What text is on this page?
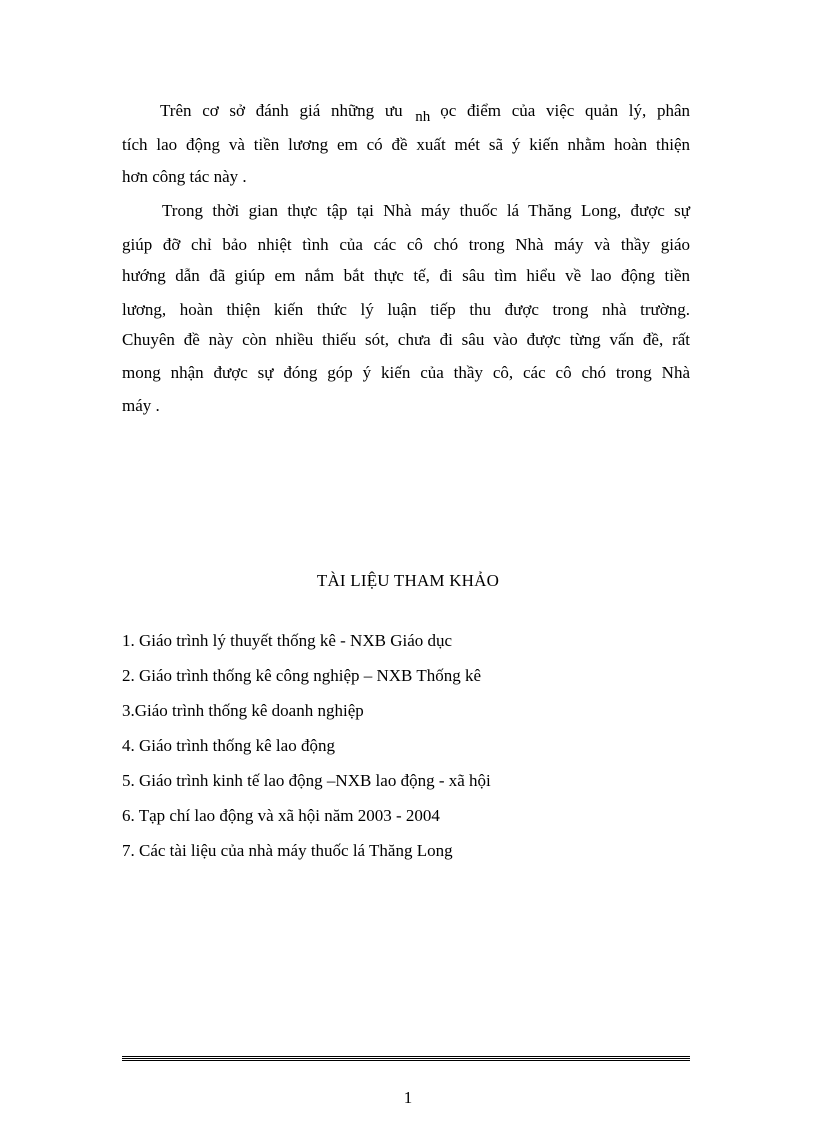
Trên cơ sở đánh giá những ưu nh ọc điểm của việc quản lý, phân
tích lao động và tiền lương em có đề xuất mét sã ý kiến nhằm hoàn thiện
hơn công tác này .
Trong thời gian thực tập tại Nhà máy thuốc lá Thăng Long, được sự
giúp đỡ chỉ bảo nhiệt tình của các cô chó trong Nhà máy và thầy giáo
hướng dẫn đã giúp em nắm bắt thực tế, đi sâu tìm hiểu về lao động tiền
lương, hoàn thiện kiến thức lý luận tiếp thu được trong nhà trường.
Chuyên đề này còn nhiều thiếu sót, chưa đi sâu vào được từng vấn đề, rất
mong nhận được sự đóng góp ý kiến của thầy cô, các cô chó trong Nhà
máy .
TÀI LIỆU THAM KHẢO
1. Giáo trình lý thuyết thống kê - NXB Giáo dục
2. Giáo trình thống kê công nghiệp – NXB Thống kê
3.Giáo trình thống kê doanh nghiệp
4. Giáo trình thống kê lao động
5. Giáo trình kinh tế lao động –NXB lao động - xã hội
6. Tạp chí lao động và xã hội năm 2003 - 2004
7. Các tài liệu của nhà máy thuốc lá Thăng Long
1
